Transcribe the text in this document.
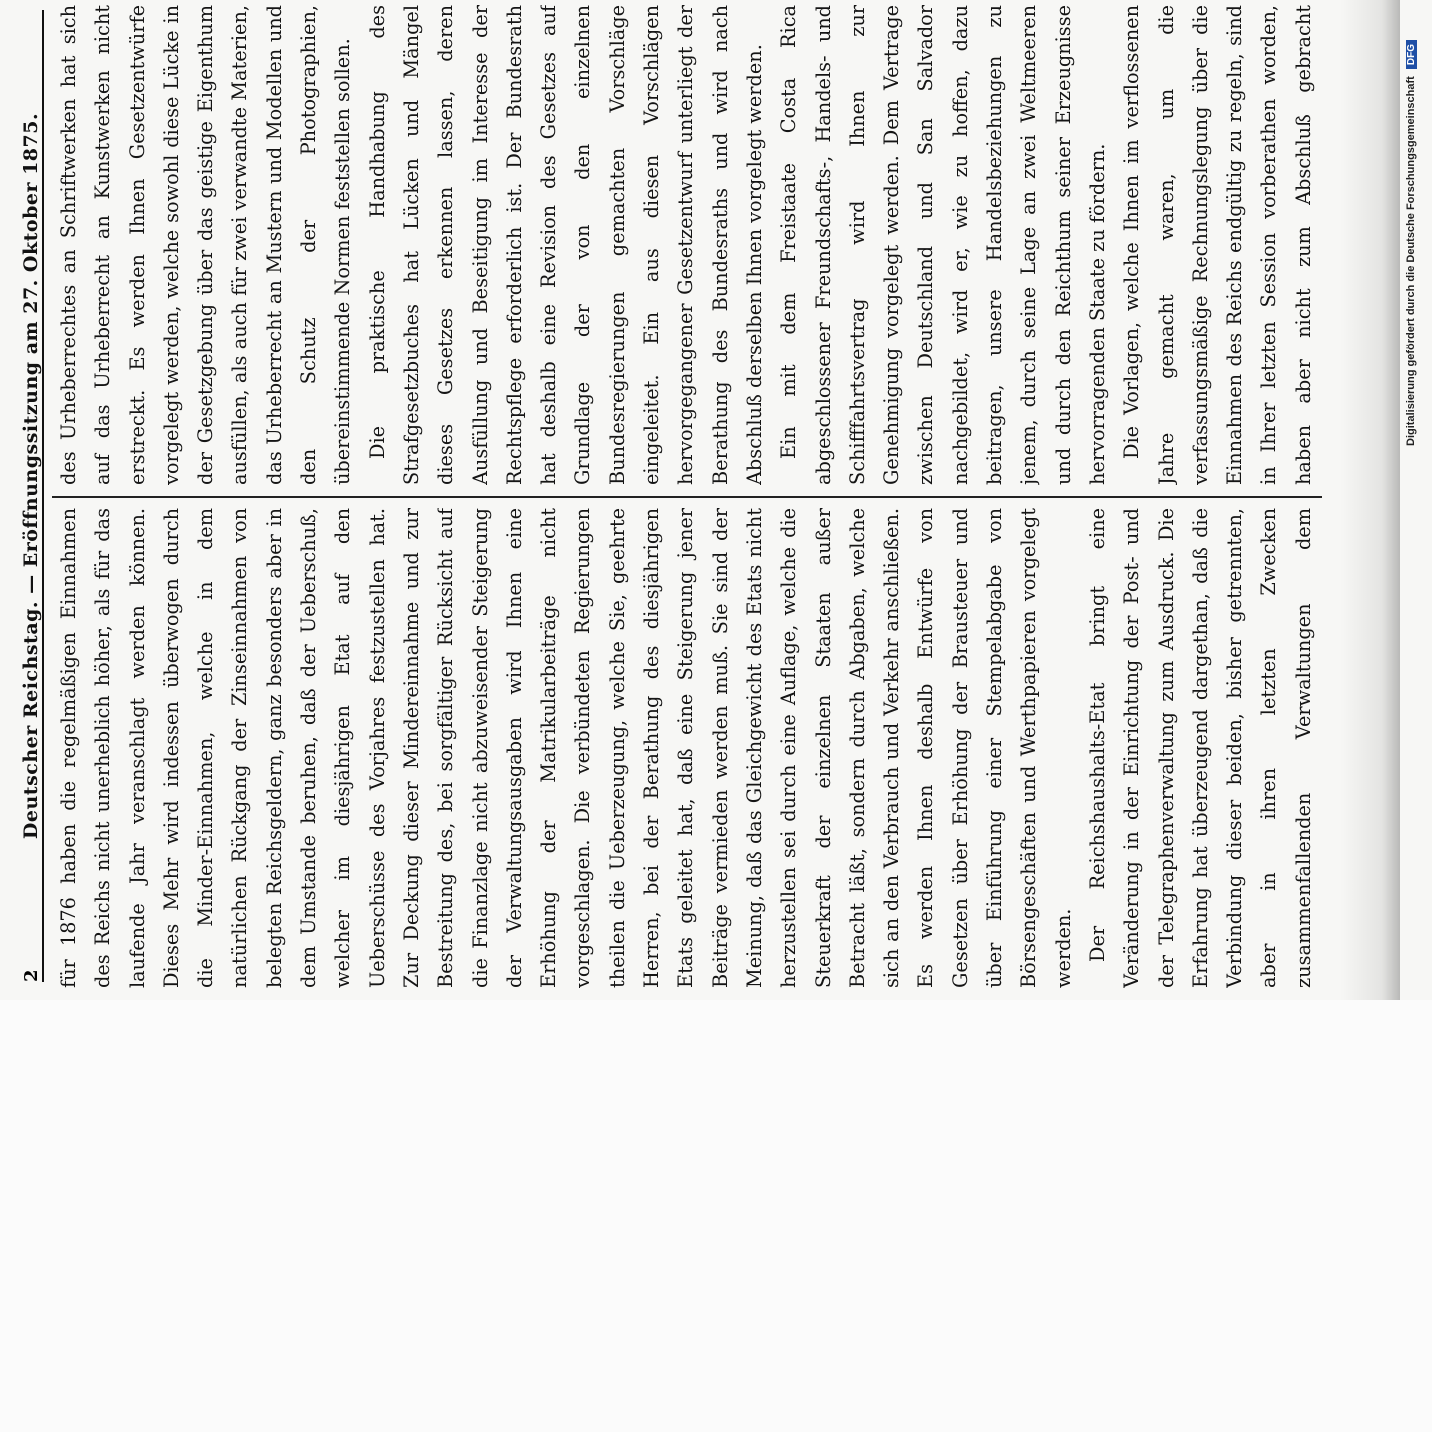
2
Deutscher Reichstag. — Eröffnungssitzung am 27. Oktober 1875. für 1876 haben die regelmäßigen Einnahmen des Reichs nicht unerheblich höher, als für das laufende Jahr veranschlagt werden können. Dieses Mehr wird indessen überwogen durch die Minder-Einnahmen, welche in dem natürlichen Rückgang der Zinseinnahmen von belegten Reichsgeldern, ganz besonders aber in dem Umstande beruhen, daß der Ueberschuß, welcher im diesjährigen Etat auf den Ueberschüsse des Vorjahres festzustellen hat. Zur Deckung dieser Mindereinnahme und zur Bestreitung des, bei sorgfältiger Rücksicht auf die Finanzlage nicht abzuweisender Steigerung der Verwaltungsausgaben wird Ihnen eine Erhöhung der Matrikularbeiträge nicht vorgeschlagen. Die verbündeten Regierungen theilen die Ueberzeugung, welche Sie, geehrte Herren, bei der Berathung des diesjährigen Etats geleitet hat, daß eine Steigerung jener Beiträge vermieden werden muß. Sie sind der Meinung, daß das Gleichgewicht des Etats nicht herzustellen sei durch eine Auflage, welche die Steuerkraft der einzelnen Staaten außer Betracht läßt, sondern durch Abgaben, welche sich an den Verbrauch und Verkehr anschließen. Es werden Ihnen deshalb Entwürfe von Gesetzen über Erhöhung der Brausteuer und über Einführung einer Stempelabgabe von Börsengeschäften und Werthpapieren vorgelegt werden. Der Reichshaushalts-Etat bringt eine Veränderung in der Einrichtung der Post- und der Telegraphenverwaltung zum Ausdruck. Die Erfahrung hat überzeugend dargethan, daß die Verbindung dieser beiden, bisher getrennten, aber in ihren letzten Zwecken zusammenfallenden Verwaltungen dem

des Urheberrechtes an Schriftwerken hat sich auf das Urheberrecht an Kunstwerken nicht erstreckt. Es werden Ihnen Gesetzentwürfe vorgelegt werden, welche sowohl diese Lücke in der Gesetzgebung über das geistige Eigenthum ausfüllen, als auch für zwei verwandte Materien, das Urheberrecht an Mustern und Modellen und den Schutz der Photographien, übereinstimmende Normen feststellen sollen. Die praktische Handhabung des Strafgesetzbuches hat Lücken und Mängel dieses Gesetzes erkennen lassen, deren Ausfüllung und Beseitigung im Interesse der Rechtspflege erforderlich ist. Der Bundesrath hat deshalb eine Revision des Gesetzes auf Grundlage der von den einzelnen Bundesregierungen gemachten Vorschläge eingeleitet. Ein aus diesen Vorschlägen hervorgegangener Gesetzentwurf unterliegt der Berathung des Bundesraths und wird nach Abschluß derselben Ihnen vorgelegt werden. Ein mit dem Freistaate Costa Rica abgeschlossener Freundschafts-, Handels- und Schifffahrtsvertrag wird Ihnen zur Genehmigung vorgelegt werden. Dem Vertrage zwischen Deutschland und San Salvador nachgebildet, wird er, wie zu hoffen, dazu beitragen, unsere Handelsbeziehungen zu jenem, durch seine Lage an zwei Weltmeeren und durch den Reichthum seiner Erzeugnisse hervorragenden Staate zu fördern. Die Vorlagen, welche Ihnen im verflossenen Jahre gemacht waren, um die verfassungsmäßige Rechnungslegung über die Einnahmen des Reichs endgültig zu regeln, sind in Ihrer letzten Session vorberathen worden, haben aber nicht zum Abschluß gebracht

Digitalisierung gefördert durch die Deutsche Forschungsgemeinschaft DFG
